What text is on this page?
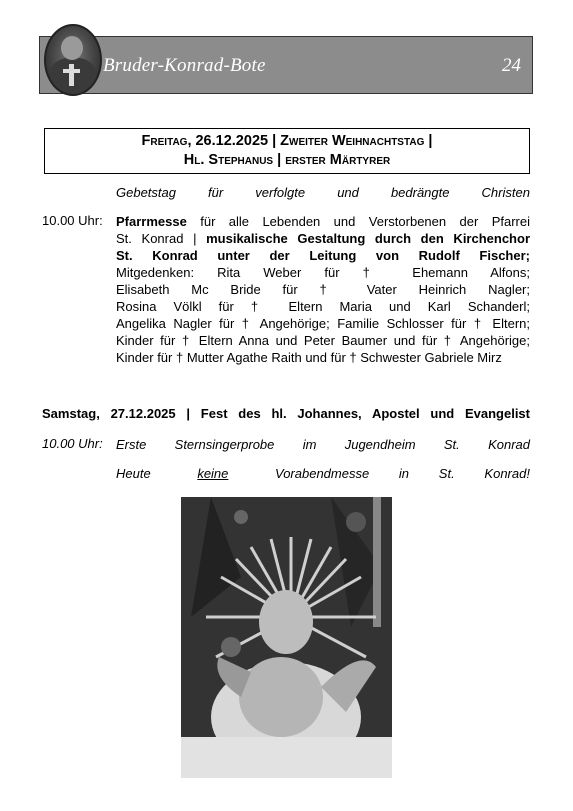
Bruder-Konrad-Bote	24
Freitag, 26.12.2025 | Zweiter Weihnachtstag |
Hl. Stephanus | erster Märtyrer
Gebetstag für verfolgte und bedrängte Christen
10.00 Uhr: Pfarrmesse für alle Lebenden und Verstorbenen der Pfarrei

St. Konrad | musikalische Gestaltung durch den Kirchenchor

St. Konrad unter der Leitung von Rudolf Fischer;

Mitgedenken: Rita Weber für † Ehemann Alfons;

Elisabeth Mc Bride für † Vater Heinrich Nagler;

Rosina Völkl für † Eltern Maria und Karl Schanderl;

Angelika Nagler für † Angehörige; Familie Schlosser für † Eltern;

Kinder für † Eltern Anna und Peter Baumer und für † Angehörige;

Kinder für † Mutter Agathe Raith und für † Schwester Gabriele Mirz

Samstag, 27.12.2025 | Fest des hl. Johannes, Apostel und Evangelist
10.00 Uhr: Erste Sternsingerprobe im Jugendheim St. Konrad
Heute	keine	Vorabendmesse in St. Konrad!
